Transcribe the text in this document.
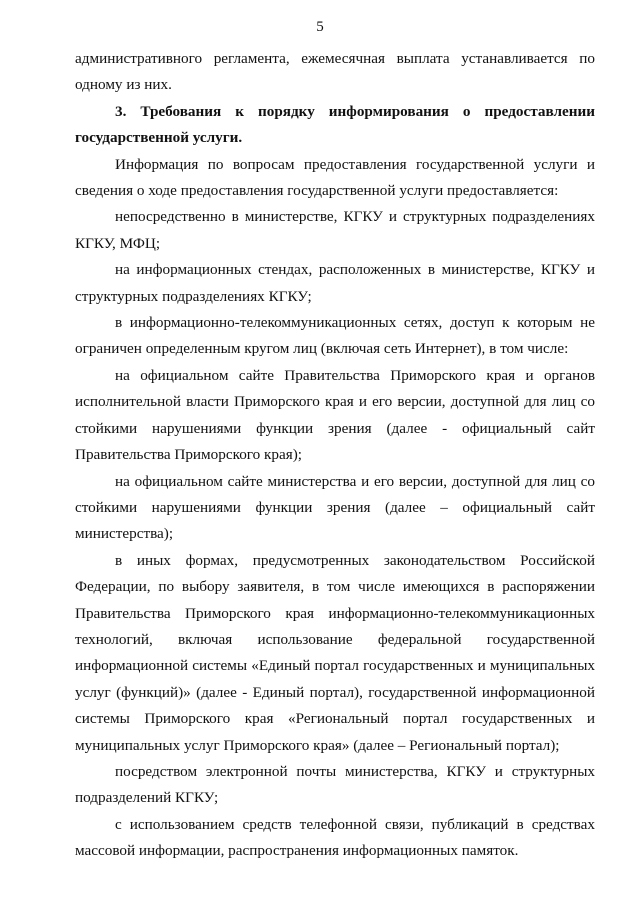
5

административного регламента, ежемесячная выплата устанавливается по одному из них.

3. Требования к порядку информирования о предоставлении государственной услуги.

Информация по вопросам предоставления государственной услуги и сведения о ходе предоставления государственной услуги предоставляется:

непосредственно в министерстве, КГКУ и структурных подразделениях КГКУ, МФЦ;

на информационных стендах, расположенных в министерстве, КГКУ и структурных подразделениях КГКУ;

в информационно-телекоммуникационных сетях, доступ к которым не ограничен определенным кругом лиц (включая сеть Интернет), в том числе:

на официальном сайте Правительства Приморского края и органов исполнительной власти Приморского края и его версии, доступной для лиц со стойкими нарушениями функции зрения (далее - официальный сайт Правительства Приморского края);

на официальном сайте министерства и его версии, доступной для лиц со стойкими нарушениями функции зрения (далее – официальный сайт министерства);

в иных формах, предусмотренных законодательством Российской Федерации, по выбору заявителя, в том числе имеющихся в распоряжении Правительства Приморского края информационно-телекоммуникационных технологий, включая использование федеральной государственной информационной системы «Единый портал государственных и муниципальных услуг (функций)» (далее - Единый портал), государственной информационной системы Приморского края «Региональный портал государственных и муниципальных услуг Приморского края» (далее – Региональный портал);

посредством электронной почты министерства, КГКУ и структурных подразделений КГКУ;

с использованием средств телефонной связи, публикаций в средствах массовой информации, распространения информационных памяток.
